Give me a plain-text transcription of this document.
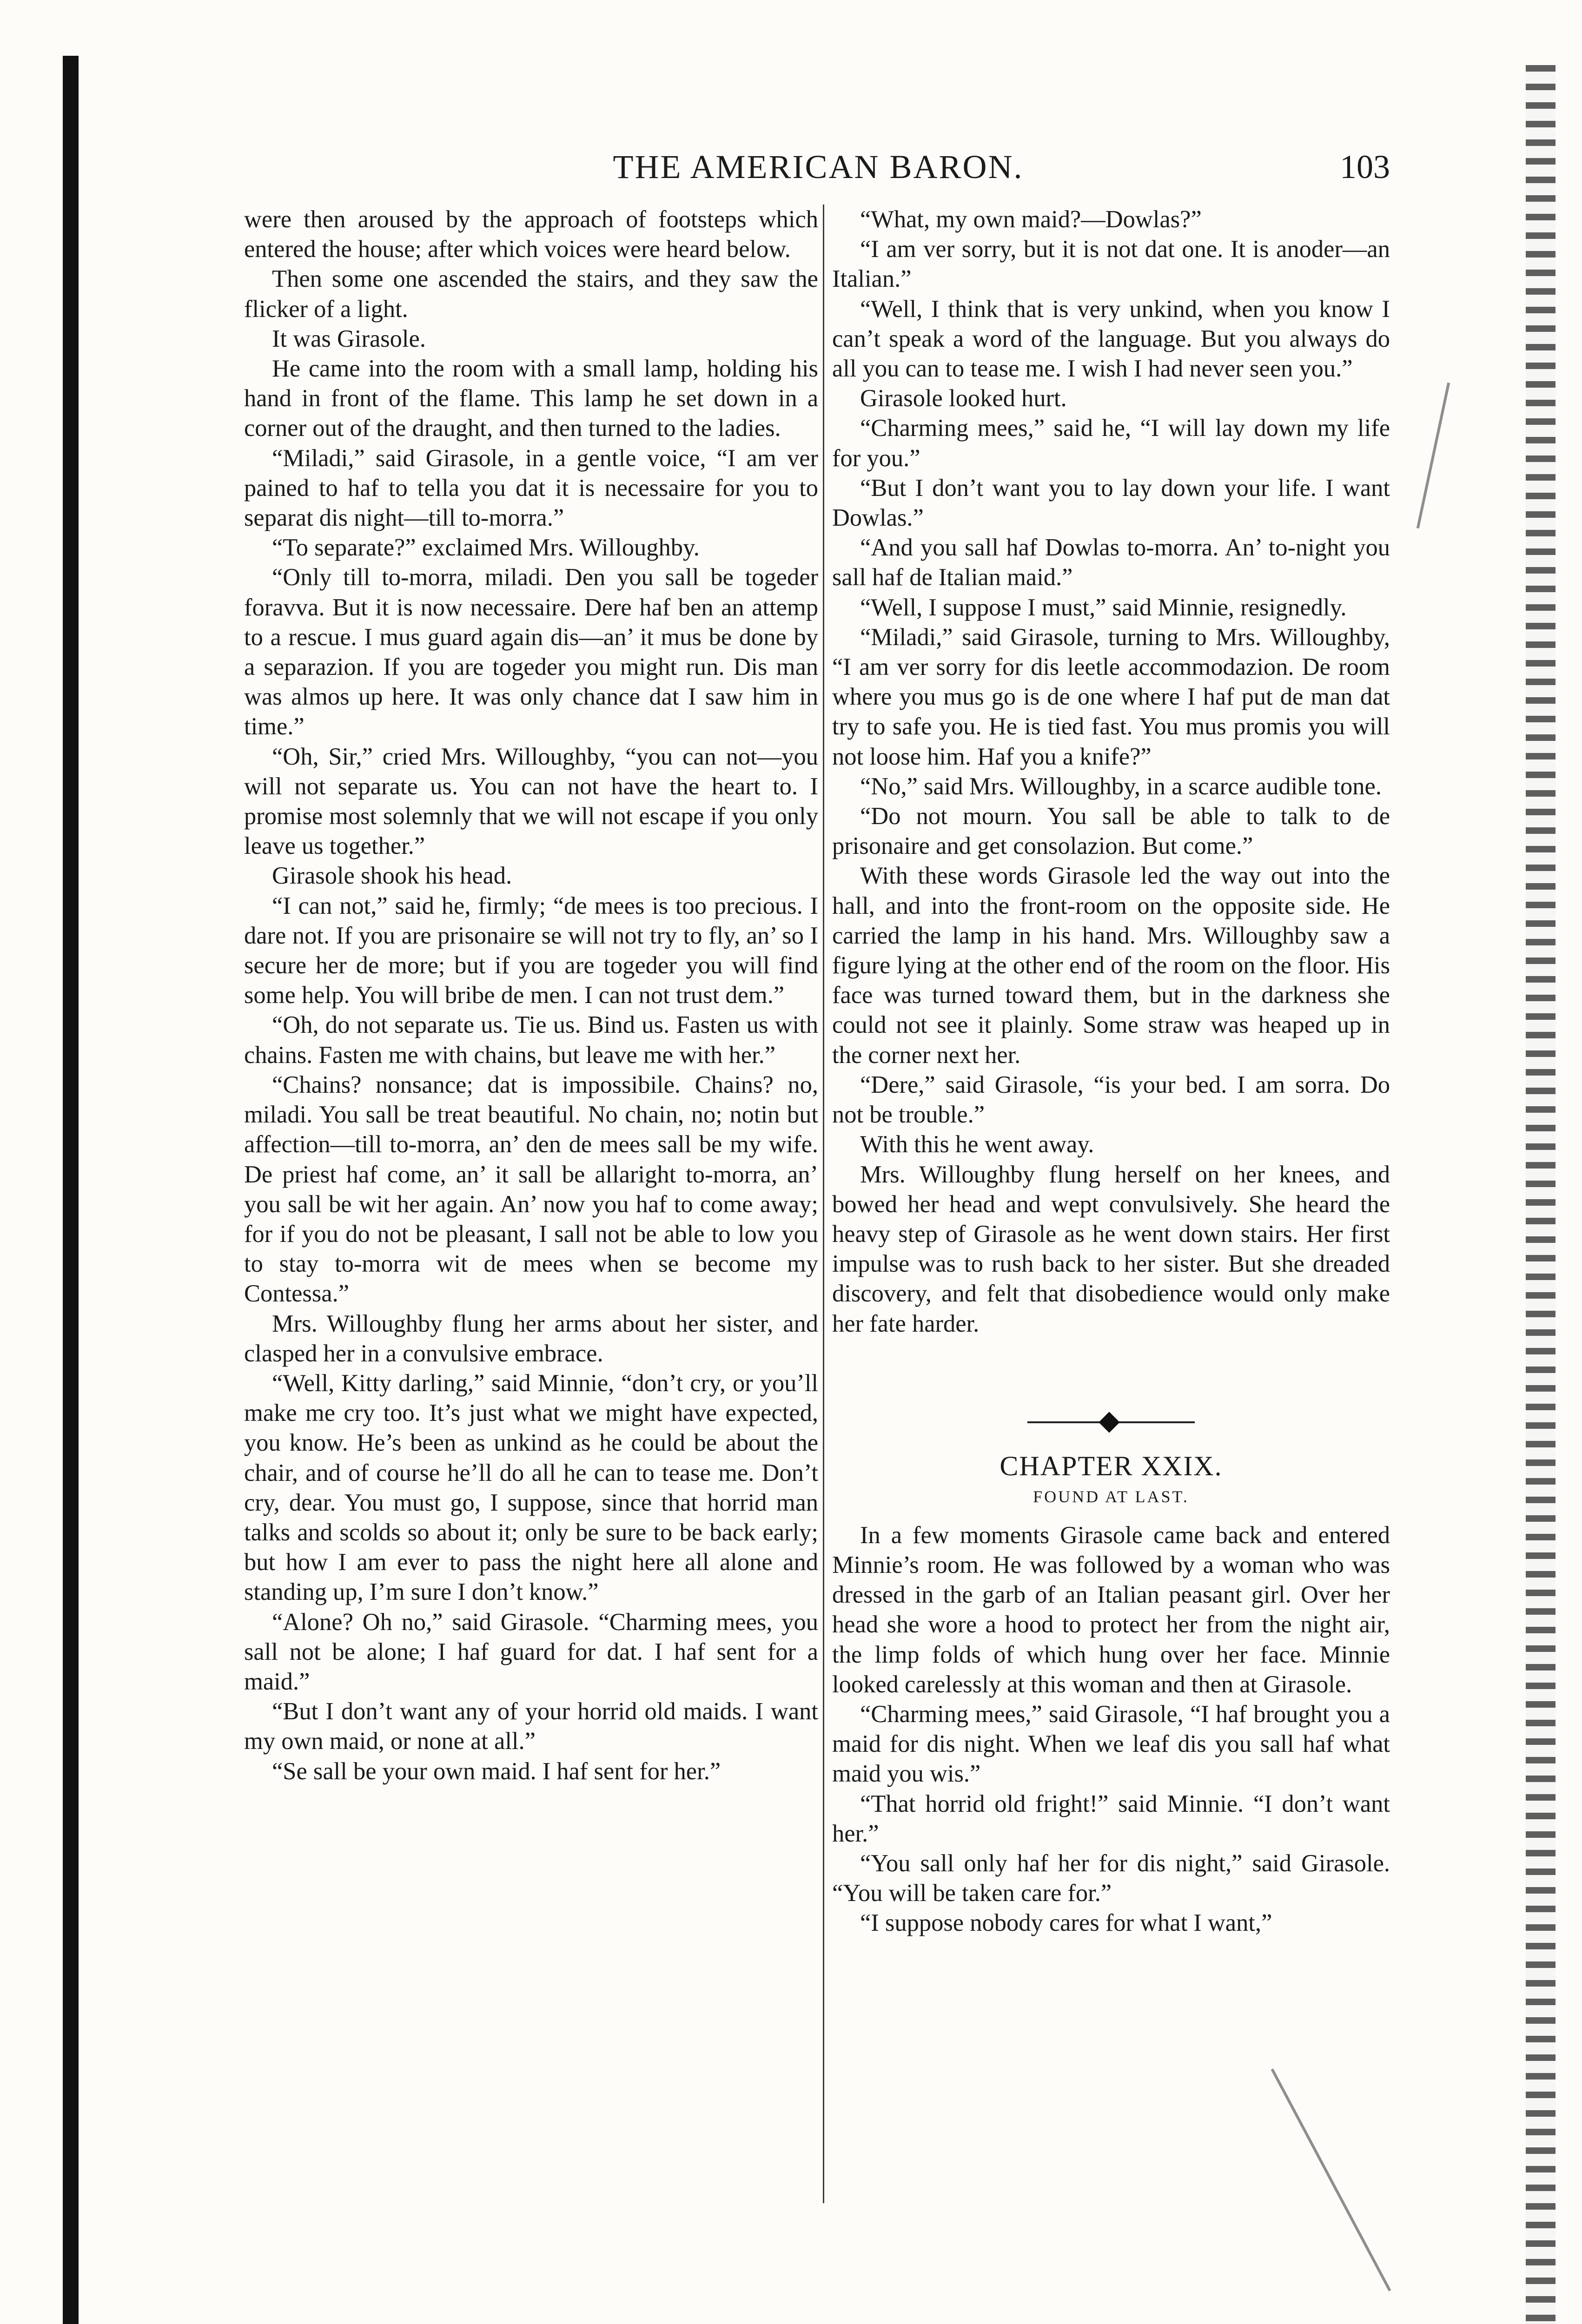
THE AMERICAN BARON.	103

were then aroused by the approach of footsteps which entered the house; after which voices were heard below.

Then some one ascended the stairs, and they saw the flicker of a light.

It was Girasole.

He came into the room with a small lamp, holding his hand in front of the flame. This lamp he set down in a corner out of the draught, and then turned to the ladies.

“Miladi,” said Girasole, in a gentle voice, “I am ver pained to haf to tella you dat it is necessaire for you to separat dis night—till to-morra.”

“To separate?” exclaimed Mrs. Willoughby.

“Only till to-morra, miladi. Den you sall be togeder foravva. But it is now necessaire. Dere haf ben an attemp to a rescue. I mus guard again dis—an’ it mus be done by a separazion. If you are togeder you might run. Dis man was almos up here. It was only chance dat I saw him in time.”

“Oh, Sir,” cried Mrs. Willoughby, “you can not—you will not separate us. You can not have the heart to. I promise most solemnly that we will not escape if you only leave us together.”

Girasole shook his head.

“I can not,” said he, firmly; “de mees is too precious. I dare not. If you are prisonaire se will not try to fly, an’ so I secure her de more; but if you are togeder you will find some help. You will bribe de men. I can not trust dem.”

“Oh, do not separate us. Tie us. Bind us. Fasten us with chains. Fasten me with chains, but leave me with her.”

“Chains? nonsance; dat is impossibile. Chains? no, miladi. You sall be treat beautiful. No chain, no; notin but affection—till to-morra, an’ den de mees sall be my wife. De priest haf come, an’ it sall be allaright to-morra, an’ you sall be wit her again. An’ now you haf to come away; for if you do not be pleasant, I sall not be able to low you to stay to-morra wit de mees when se become my Contessa.”

Mrs. Willoughby flung her arms about her sister, and clasped her in a convulsive embrace.

“Well, Kitty darling,” said Minnie, “don’t cry, or you’ll make me cry too. It’s just what we might have expected, you know. He’s been as unkind as he could be about the chair, and of course he’ll do all he can to tease me. Don’t cry, dear. You must go, I suppose, since that horrid man talks and scolds so about it; only be sure to be back early; but how I am ever to pass the night here all alone and standing up, I’m sure I don’t know.”

“Alone? Oh no,” said Girasole. “Charming mees, you sall not be alone; I haf guard for dat. I haf sent for a maid.”

“But I don’t want any of your horrid old maids. I want my own maid, or none at all.”

“Se sall be your own maid. I haf sent for her.”

“What, my own maid?—Dowlas?”

“I am ver sorry, but it is not dat one. It is anoder—an Italian.”

“Well, I think that is very unkind, when you know I can’t speak a word of the language. But you always do all you can to tease me. I wish I had never seen you.”

Girasole looked hurt.

“Charming mees,” said he, “I will lay down my life for you.”

“But I don’t want you to lay down your life. I want Dowlas.”

“And you sall haf Dowlas to-morra. An’ to-night you sall haf de Italian maid.”

“Well, I suppose I must,” said Minnie, resignedly.

“Miladi,” said Girasole, turning to Mrs. Willoughby, “I am ver sorry for dis leetle accommodazion. De room where you mus go is de one where I haf put de man dat try to safe you. He is tied fast. You mus promis you will not loose him. Haf you a knife?”

“No,” said Mrs. Willoughby, in a scarce audible tone.

“Do not mourn. You sall be able to talk to de prisonaire and get consolazion. But come.”

With these words Girasole led the way out into the hall, and into the front-room on the opposite side. He carried the lamp in his hand. Mrs. Willoughby saw a figure lying at the other end of the room on the floor. His face was turned toward them, but in the darkness she could not see it plainly. Some straw was heaped up in the corner next her.

“Dere,” said Girasole, “is your bed. I am sorra. Do not be trouble.”

With this he went away.

Mrs. Willoughby flung herself on her knees, and bowed her head and wept convulsively. She heard the heavy step of Girasole as he went down stairs. Her first impulse was to rush back to her sister. But she dreaded discovery, and felt that disobedience would only make her fate harder.

CHAPTER XXIX.
FOUND AT LAST.

In a few moments Girasole came back and entered Minnie’s room. He was followed by a woman who was dressed in the garb of an Italian peasant girl. Over her head she wore a hood to protect her from the night air, the limp folds of which hung over her face. Minnie looked carelessly at this woman and then at Girasole.

“Charming mees,” said Girasole, “I haf brought you a maid for dis night. When we leaf dis you sall haf what maid you wis.”

“That horrid old fright!” said Minnie. “I don’t want her.”

“You sall only haf her for dis night,” said Girasole. “You will be taken care for.”

“I suppose nobody cares for what I want,”
